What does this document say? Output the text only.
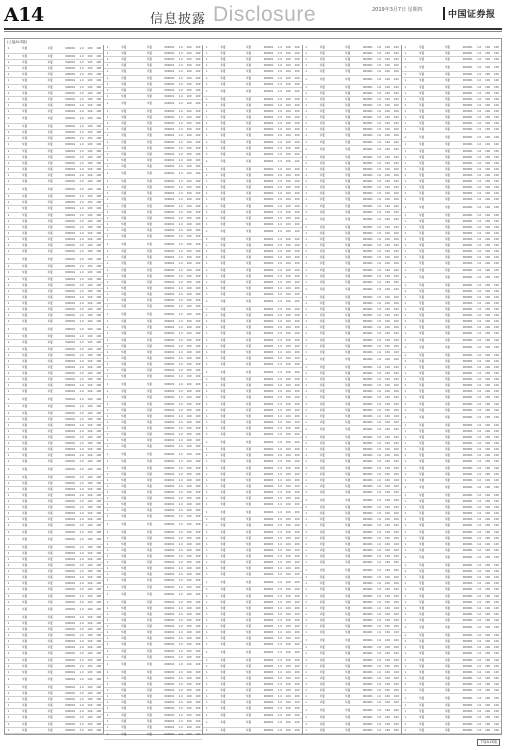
A14	信息披露 Disclosure	2019年3月7日 星期四	中国证券报
(上接A13版)
1	华夏	华夏	000001	1.0	100	100
1	华夏	华夏	000001	1.0	100	100
1	华夏	华夏	000001	1.0	100	100
1	华夏	华夏	000001	1.0	100	100
1	华夏	华夏	000001	1.0	100	100
1	华夏	华夏	000001	1.0	100	100
1	华夏	华夏	000001	1.0	100	100
1	华夏	华夏	000001	1.0	100	100
1	华夏	华夏	000001	1.0	100	100
1	华夏	华夏	000001	1.0	100	100
1	华夏	华夏	000001	1.0	100	100
1	华夏	华夏	000001	1.0	100	100
1	华夏	华夏	000001	1.0	100	100
1	华夏	华夏	000001	1.0	100	100
1	华夏	华夏	000001	1.0	100	100
1	华夏	华夏	000001	1.0	100	100
1	华夏	华夏	000001	1.0	100	100
1	华夏	华夏	000001	1.0	100	100
1	华夏	华夏	000001	1.0	100	100
1	华夏	华夏	000001	1.0	100	100
1	华夏	华夏	000001	1.0	100	100
1	华夏	华夏	000001	1.0	100	100
1	华夏	华夏	000001	1.0	100	100
1	华夏	华夏	000001	1.0	100	100
1	华夏	华夏	000001	1.0	100	100
1	华夏	华夏	000001	1.0	100	100
1	华夏	华夏	000001	1.0	100	100
1	华夏	华夏	000001	1.0	100	100
1	华夏	华夏	000001	1.0	100	100
1	华夏	华夏	000001	1.0	100	100
1	华夏	华夏	000001	1.0	100	100
1	华夏	华夏	000001	1.0	100	100
1	华夏	华夏	000001	1.0	100	100
1	华夏	华夏	000001	1.0	100	100
1	华夏	华夏	000001	1.0	100	100
1	华夏	华夏	000001	1.0	100	100
1	华夏	华夏	000001	1.0	100	100
1	华夏	华夏	000001	1.0	100	100
1	华夏	华夏	000001	1.0	100	100
1	华夏	华夏	000001	1.0	100	100
1	华夏	华夏	000001	1.0	100	100
1	华夏	华夏	000001	1.0	100	100
1	华夏	华夏	000001	1.0	100	100
1	华夏	华夏	000001	1.0	100	100
1	华夏	华夏	000001	1.0	100	100
1	华夏	华夏	000001	1.0	100	100
1	华夏	华夏	000001	1.0	100	100
1	华夏	华夏	000001	1.0	100	100
1	华夏	华夏	000001	1.0	100	100
1	华夏	华夏	000001	1.0	100	100
1	华夏	华夏	000001	1.0	100	100
1	华夏	华夏	000001	1.0	100	100
1	华夏	华夏	000001	1.0	100	100
1	华夏	华夏	000001	1.0	100	100
1	华夏	华夏	000001	1.0	100	100
1	华夏	华夏	000001	1.0	100	100
1	华夏	华夏	000001	1.0	100	100
1	华夏	华夏	000001	1.0	100	100
1	华夏	华夏	000001	1.0	100	100
1	华夏	华夏	000001	1.0	100	100
1	华夏	华夏	000001	1.0	100	100
1	华夏	华夏	000001	1.0	100	100
1	华夏	华夏	000001	1.0	100	100
1	华夏	华夏	000001	1.0	100	100
1	华夏	华夏	000001	1.0	100	100
1	华夏	华夏	000001	1.0	100	100
1	华夏	华夏	000001	1.0	100	100
1	华夏	华夏	000001	1.0	100	100
1	华夏	华夏	000001	1.0	100	100
1	华夏	华夏	000001	1.0	100	100
1	华夏	华夏	000001	1.0	100	100
1	华夏	华夏	000001	1.0	100	100
1	华夏	华夏	000001	1.0	100	100
1	华夏	华夏	000001	1.0	100	100
1	华夏	华夏	000001	1.0	100	100
1	华夏	华夏	000001	1.0	100	100
1	华夏	华夏	000001	1.0	100	100
1	华夏	华夏	000001	1.0	100	100
1	华夏	华夏	000001	1.0	100	100
1	华夏	华夏	000001	1.0	100	100
1	华夏	华夏	000001	1.0	100	100
1	华夏	华夏	000001	1.0	100	100
1	华夏	华夏	000001	1.0	100	100
1	华夏	华夏	000001	1.0	100	100
1	华夏	华夏	000001	1.0	100	100
1	华夏	华夏	000001	1.0	100	100
1	华夏	华夏	000001	1.0	100	100
1	华夏	华夏	000001	1.0	100	100
1	华夏	华夏	000001	1.0	100	100
1	华夏	华夏	000001	1.0	100	100
1	华夏	华夏	000001	1.0	100	100
1	华夏	华夏	000001	1.0	100	100
1	华夏	华夏	000001	1.0	100	100
1	华夏	华夏	000001	1.0	100	100
1	华夏	华夏	000001	1.0	100	100
1	华夏	华夏	000001	1.0	100	100
1	华夏	华夏	000001	1.0	100	100
1	华夏	华夏	000001	1.0	100	100
1	华夏	华夏	000001	1.0	100	100
1	华夏	华夏	000001	1.0	100	100
1	华夏	华夏	000001	1.0	100	100
1	华夏	华夏	000001	1.0	100	100
1	华夏	华夏	000001	1.0	100	100
1	华夏	华夏	000001	1.0	100	100
1	华夏	华夏	000001	1.0	100	100
1	华夏	华夏	000001	1.0	100	100
1	华夏	华夏	000001	1.0	100	100
1	华夏	华夏	000001	1.0	100	100
1	华夏	华夏	000001	1.0	100	100
1	华夏	华夏	000001	1.0	100	100
1	华夏	华夏	000001	1.0	100	100
1	华夏	华夏	000001	1.0	100	100
1	华夏	华夏	000001	1.0	100	100
1	华夏	华夏	000001	1.0	100	100
1	华夏	华夏	000001	1.0	100	100
1	华夏	华夏	000001	1.0	100	100
1	华夏	华夏	000001	1.0	100	100
1	华夏	华夏	000001	1.0	100	100
1	华夏	华夏	000001	1.0	100	100
1	华夏	华夏	000001	1.0	100	100
1	华夏	华夏	000001	1.0	100	100
1	华夏	华夏	000001	1.0	100	100
1	华夏	华夏	000001	1.0	100	100
1	华夏	华夏	000001	1.0	100	100
1	华夏	华夏	000001	1.0	100	100
1	华夏	华夏	000001	1.0	100	100
1	华夏	华夏	000001	1.0	100	100
1	华夏	华夏	000001	1.0	100	100
1	华夏	华夏	000001	1.0	100	100
1	华夏	华夏	000001	1.0	100	100
1	华夏	华夏	000001	1.0	100	100
1	华夏	华夏	000001	1.0	100	100
1	华夏	华夏	000001	1.0	100	100
1	华夏	华夏	000001	1.0	100	100
1	华夏	华夏	000001	1.0	100	100
1	华夏	华夏	000001	1.0	100	100
1	华夏	华夏	000001	1.0	100	100
1	华夏	华夏	000001	1.0	100	100
1	华夏	华夏	000001	1.0	100	100
1	华夏	华夏	000001	1.0	100	100
1	华夏	华夏	000001	1.0	100	100
1	华夏	华夏	000001	1.0	100	100
1	华夏	华夏	000001	1.0	100	100
1	华夏	华夏	000001	1.0	100	100
1	华夏	华夏	000001	1.0	100	100
1	华夏	华夏	000001	1.0	100	100
1	华夏	华夏	000001	1.0	100	100
1	华夏	华夏	000001	1.0	100	100
1	华夏	华夏	000001	1.0	100	100
1	华夏	华夏	000001	1.0	100	100
1	华夏	华夏	000001	1.0	100	100
1	华夏	华夏	000001	1.0	100	100
1	华夏	华夏	000001	1.0	100	100
1	华夏	华夏	000001	1.0	100	100
1	华夏	华夏	000001	1.0	100	100
1	华夏	华夏	000001	1.0	100	100
1	华夏	华夏	000001	1.0	100	100
1	华夏	华夏	000001	1.0	100	100
1	华夏	华夏	000001	1.0	100	100
1	华夏	华夏	000001	1.0	100	100
1	华夏	华夏	000001	1.0	100	100
1	华夏	华夏	000001	1.0	100	100
1	华夏	华夏	000001	1.0	100	100
1	华夏	华夏	000001	1.0	100	100
1	华夏	华夏	000001	1.0	100	100
1	华夏	华夏	000001	1.0	100	100
1	华夏	华夏	000001	1.0	100	100
1	华夏	华夏	000001	1.0	100	100
1	华夏	华夏	000001	1.0	100	100
1	华夏	华夏	000001	1.0	100	100
1	华夏	华夏	000001	1.0	100	100
1	华夏	华夏	000001	1.0	100	100
1	华夏	华夏	000001	1.0	100	100
1	华夏	华夏	000001	1.0	100	100
1	华夏	华夏	000001	1.0	100	100
1	华夏	华夏	000001	1.0	100	100
1	华夏	华夏	000001	1.0	100	100
1	华夏	华夏	000001	1.0	100	100
1	华夏	华夏	000001	1.0	100	100
1	华夏	华夏	000001	1.0	100	100
1	华夏	华夏	000001	1.0	100	100
1	华夏	华夏	000001	1.0	100	100
1	华夏	华夏	000001	1.0	100	100
1	华夏	华夏	000001	1.0	100	100
1	华夏	华夏	000001	1.0	100	100
1	华夏	华夏	000001	1.0	100	100
1	华夏	华夏	000001	1.0	100	100
1	华夏	华夏	000001	1.0	100	100
1	华夏	华夏	000001	1.0	100	100
1	华夏	华夏	000001	1.0	100	100
1	华夏	华夏	000001	1.0	100	100
1	华夏	华夏	000001	1.0	100	100
1	华夏	华夏	000001	1.0	100	100
1	华夏	华夏	000001	1.0	100	100
1	华夏	华夏	000001	1.0	100	100
1	华夏	华夏	000001	1.0	100	100
1	华夏	华夏	000001	1.0	100	100
1	华夏	华夏	000001	1.0	100	100
1	华夏	华夏	000001	1.0	100	100
1	华夏	华夏	000001	1.0	100	100
1	华夏	华夏	000001	1.0	100	100
1	华夏	华夏	000001	1.0	100	100
1	华夏	华夏	000001	1.0	100	100
1	华夏	华夏	000001	1.0	100	100
1	华夏	华夏	000001	1.0	100	100
1	华夏	华夏	000001	1.0	100	100
1	华夏	华夏	000001	1.0	100	100
1	华夏	华夏	000001	1.0	100	100
1	华夏	华夏	000001	1.0	100	100
1	华夏	华夏	000001	1.0	100	100
1	华夏	华夏	000001	1.0	100	100
1	华夏	华夏	000001	1.0	100	100
1	华夏	华夏	000001	1.0	100	100
1	华夏	华夏	000001	1.0	100	100
1	华夏	华夏	000001	1.0	100	100
1	华夏	华夏	000001	1.0	100	100
1	华夏	华夏	000001	1.0	100	100
1	华夏	华夏	000001	1.0	100	100
1	华夏	华夏	000001	1.0	100	100
1	华夏	华夏	000001	1.0	100	100
1	华夏	华夏	000001	1.0	100	100
1	华夏	华夏	000001	1.0	100	100
1	华夏	华夏	000001	1.0	100	100
1	华夏	华夏	000001	1.0	100	100
1	华夏	华夏	000001	1.0	100	100
1	华夏	华夏	000001	1.0	100	100
1	华夏	华夏	000001	1.0	100	100
1	华夏	华夏	000001	1.0	100	100
1	华夏	华夏	000001	1.0	100	100
1	华夏	华夏	000001	1.0	100	100
1	华夏	华夏	000001	1.0	100	100
1	华夏	华夏	000001	1.0	100	100
1	华夏	华夏	000001	1.0	100	100
1	华夏	华夏	000001	1.0	100	100
1	华夏	华夏	000001	1.0	100	100
1	华夏	华夏	000001	1.0	100	100
1	华夏	华夏	000001	1.0	100	100
1	华夏	华夏	000001	1.0	100	100
1	华夏	华夏	000001	1.0	100	100
1	华夏	华夏	000001	1.0	100	100
1	华夏	华夏	000001	1.0	100	100
1	华夏	华夏	000001	1.0	100	100
1	华夏	华夏	000001	1.0	100	100
1	华夏	华夏	000001	1.0	100	100
1	华夏	华夏	000001	1.0	100	100
1	华夏	华夏	000001	1.0	100	100
1	华夏	华夏	000001	1.0	100	100
1	华夏	华夏	000001	1.0	100	100
1	华夏	华夏	000001	1.0	100	100
1	华夏	华夏	000001	1.0	100	100
1	华夏	华夏	000001	1.0	100	100
1	华夏	华夏	000001	1.0	100	100
1	华夏	华夏	000001	1.0	100	100
1	华夏	华夏	000001	1.0	100	100
1	华夏	华夏	000001	1.0	100	100
1	华夏	华夏	000001	1.0	100	100
1	华夏	华夏	000001	1.0	100	100
1	华夏	华夏	000001	1.0	100	100
1	华夏	华夏	000001	1.0	100	100
1	华夏	华夏	000001	1.0	100	100
1	华夏	华夏	000001	1.0	100	100
1	华夏	华夏	000001	1.0	100	100
1	华夏	华夏	000001	1.0	100	100
1	华夏	华夏	000001	1.0	100	100
1	华夏	华夏	000001	1.0	100	100
1	华夏	华夏	000001	1.0	100	100
1	华夏	华夏	000001	1.0	100	100
1	华夏	华夏	000001	1.0	100	100
1	华夏	华夏	000001	1.0	100	100
1	华夏	华夏	000001	1.0	100	100
1	华夏	华夏	000001	1.0	100	100
1	华夏	华夏	000001	1.0	100	100
1	华夏	华夏	000001	1.0	100	100
1	华夏	华夏	000001	1.0	100	100
1	华夏	华夏	000001	1.0	100	100
1	华夏	华夏	000001	1.0	100	100
1	华夏	华夏	000001	1.0	100	100
1	华夏	华夏	000001	1.0	100	100
1	华夏	华夏	000001	1.0	100	100
1	华夏	华夏	000001	1.0	100	100
1	华夏	华夏	000001	1.0	100	100
1	华夏	华夏	000001	1.0	100	100
1	华夏	华夏	000001	1.0	100	100
1	华夏	华夏	000001	1.0	100	100
1	华夏	华夏	000001	1.0	100	100
1	华夏	华夏	000001	1.0	100	100
1	华夏	华夏	000001	1.0	100	100
1	华夏	华夏	000001	1.0	100	100
1	华夏	华夏	000001	1.0	100	100
1	华夏	华夏	000001	1.0	100	100
1	华夏	华夏	000001	1.0	100	100
1	华夏	华夏	000001	1.0	100	100
1	华夏	华夏	000001	1.0	100	100
1	华夏	华夏	000001	1.0	100	100
1	华夏	华夏	000001	1.0	100	100
1	华夏	华夏	000001	1.0	100	100
1	华夏	华夏	000001	1.0	100	100
1	华夏	华夏	000001	1.0	100	100
1	华夏	华夏	000001	1.0	100	100
1	华夏	华夏	000001	1.0	100	100
1	华夏	华夏	000001	1.0	100	100
1	华夏	华夏	000001	1.0	100	100
1	华夏	华夏	000001	1.0	100	100
1	华夏	华夏	000001	1.0	100	100
1	华夏	华夏	000001	1.0	100	100
1	华夏	华夏	000001	1.0	100	100
1	华夏	华夏	000001	1.0	100	100
1	华夏	华夏	000001	1.0	100	100
1	华夏	华夏	000001	1.0	100	100
1	华夏	华夏	000001	1.0	100	100
1	华夏	华夏	000001	1.0	100	100
1	华夏	华夏	000001	1.0	100	100
1	华夏	华夏	000001	1.0	100	100
1	华夏	华夏	000001	1.0	100	100
1	华夏	华夏	000001	1.0	100	100
1	华夏	华夏	000001	1.0	100	100
1	华夏	华夏	000001	1.0	100	100
1	华夏	华夏	000001	1.0	100	100
1	华夏	华夏	000001	1.0	100	100
1	华夏	华夏	000001	1.0	100	100
1	华夏	华夏	000001	1.0	100	100
1	华夏	华夏	000001	1.0	100	100
1	华夏	华夏	000001	1.0	100	100
1	华夏	华夏	000001	1.0	100	100
1	华夏	华夏	000001	1.0	100	100
1	华夏	华夏	000001	1.0	100	100
1	华夏	华夏	000001	1.0	100	100
1	华夏	华夏	000001	1.0	100	100
1	华夏	华夏	000001	1.0	100	100
1	华夏	华夏	000001	1.0	100	100
1	华夏	华夏	000001	1.0	100	100
1	华夏	华夏	000001	1.0	100	100
1	华夏	华夏	000001	1.0	100	100
1	华夏	华夏	000001	1.0	100	100
1	华夏	华夏	000001	1.0	100	100
1	华夏	华夏	000001	1.0	100	100
1	华夏	华夏	000001	1.0	100	100
1	华夏	华夏	000001	1.0	100	100
1	华夏	华夏	000001	1.0	100	100
1	华夏	华夏	000001	1.0	100	100
1	华夏	华夏	000001	1.0	100	100
1	华夏	华夏	000001	1.0	100	100
1	华夏	华夏	000001	1.0	100	100
1	华夏	华夏	000001	1.0	100	100
1	华夏	华夏	000001	1.0	100	100
1	华夏	华夏	000001	1.0	100	100
1	华夏	华夏	000001	1.0	100	100
1	华夏	华夏	000001	1.0	100	100
1	华夏	华夏	000001	1.0	100	100
1	华夏	华夏	000001	1.0	100	100
1	华夏	华夏	000001	1.0	100	100
1	华夏	华夏	000001	1.0	100	100
1	华夏	华夏	000001	1.0	100	100
1	华夏	华夏	000001	1.0	100	100
1	华夏	华夏	000001	1.0	100	100
1	华夏	华夏	000001	1.0	100	100
1	华夏	华夏	000001	1.0	100	100
1	华夏	华夏	000001	1.0	100	100
1	华夏	华夏	000001	1.0	100	100
1	华夏	华夏	000001	1.0	100	100
1	华夏	华夏	000001	1.0	100	100
1	华夏	华夏	000001	1.0	100	100
1	华夏	华夏	000001	1.0	100	100
1	华夏	华夏	000001	1.0	100	100
1	华夏	华夏	000001	1.0	100	100
1	华夏	华夏	000001	1.0	100	100
1	华夏	华夏	000001	1.0	100	100
1	华夏	华夏	000001	1.0	100	100
1	华夏	华夏	000001	1.0	100	100
1	华夏	华夏	000001	1.0	100	100
1	华夏	华夏	000001	1.0	100	100
1	华夏	华夏	000001	1.0	100	100
1	华夏	华夏	000001	1.0	100	100
1	华夏	华夏	000001	1.0	100	100
1	华夏	华夏	000001	1.0	100	100
1	华夏	华夏	000001	1.0	100	100
1	华夏	华夏	000001	1.0	100	100
1	华夏	华夏	000001	1.0	100	100
1	华夏	华夏	000001	1.0	100	100
1	华夏	华夏	000001	1.0	100	100
1	华夏	华夏	000001	1.0	100	100
1	华夏	华夏	000001	1.0	100	100
1	华夏	华夏	000001	1.0	100	100
1	华夏	华夏	000001	1.0	100	100
1	华夏	华夏	000001	1.0	100	100
1	华夏	华夏	000001	1.0	100	100
1	华夏	华夏	000001	1.0	100	100
1	华夏	华夏	000001	1.0	100	100
1	华夏	华夏	000001	1.0	100	100
1	华夏	华夏	000001	1.0	100	100
1	华夏	华夏	000001	1.0	100	100
1	华夏	华夏	000001	1.0	100	100
1	华夏	华夏	000001	1.0	100	100
1	华夏	华夏	000001	1.0	100	100
1	华夏	华夏	000001	1.0	100	100
1	华夏	华夏	000001	1.0	100	100
1	华夏	华夏	000001	1.0	100	100
1	华夏	华夏	000001	1.0	100	100
1	华夏	华夏	000001	1.0	100	100
1	华夏	华夏	000001	1.0	100	100
1	华夏	华夏	000001	1.0	100	100
1	华夏	华夏	000001	1.0	100	100
1	华夏	华夏	000001	1.0	100	100
1	华夏	华夏	000001	1.0	100	100
1	华夏	华夏	000001	1.0	100	100
1	华夏	华夏	000001	1.0	100	100
1	华夏	华夏	000001	1.0	100	100
1	华夏	华夏	000001	1.0	100	100
1	华夏	华夏	000001	1.0	100	100
1	华夏	华夏	000001	1.0	100	100
1	华夏	华夏	000001	1.0	100	100
1	华夏	华夏	000001	1.0	100	100
1	华夏	华夏	000001	1.0	100	100
1	华夏	华夏	000001	1.0	100	100
1	华夏	华夏	000001	1.0	100	100
1	华夏	华夏	000001	1.0	100	100
1	华夏	华夏	000001	1.0	100	100
1	华夏	华夏	000001	1.0	100	100
1	华夏	华夏	000001	1.0	100	100
1	华夏	华夏	000001	1.0	100	100
1	华夏	华夏	000001	1.0	100	100
1	华夏	华夏	000001	1.0	100	100
1	华夏	华夏	000001	1.0	100	100
1	华夏	华夏	000001	1.0	100	100
1	华夏	华夏	000001	1.0	100	100
1	华夏	华夏	000001	1.0	100	100
1	华夏	华夏	000001	1.0	100	100
1	华夏	华夏	000001	1.0	100	100
1	华夏	华夏	000001	1.0	100	100
1	华夏	华夏	000001	1.0	100	100
1	华夏	华夏	000001	1.0	100	100
1	华夏	华夏	000001	1.0	100	100
1	华夏	华夏	000001	1.0	100	100
1	华夏	华夏	000001	1.0	100	100
1	华夏	华夏	000001	1.0	100	100
1	华夏	华夏	000001	1.0	100	100
1	华夏	华夏	000001	1.0	100	100
1	华夏	华夏	000001	1.0	100	100
1	华夏	华夏	000001	1.0	100	100
1	华夏	华夏	000001	1.0	100	100
1	华夏	华夏	000001	1.0	100	100
1	华夏	华夏	000001	1.0	100	100
1	华夏	华夏	000001	1.0	100	100
1	华夏	华夏	000001	1.0	100	100
1	华夏	华夏	000001	1.0	100	100
1	华夏	华夏	000001	1.0	100	100
1	华夏	华夏	000001	1.0	100	100
1	华夏	华夏	000001	1.0	100	100
1	华夏	华夏	000001	1.0	100	100
1	华夏	华夏	000001	1.0	100	100
1	华夏	华夏	000001	1.0	100	100
1	华夏	华夏	000001	1.0	100	100
1	华夏	华夏	000001	1.0	100	100
1	华夏	华夏	000001	1.0	100	100
1	华夏	华夏	000001	1.0	100	100
1	华夏	华夏	000001	1.0	100	100
1	华夏	华夏	000001	1.0	100	100
1	华夏	华夏	000001	1.0	100	100
1	华夏	华夏	000001	1.0	100	100
1	华夏	华夏	000001	1.0	100	100
1	华夏	华夏	000001	1.0	100	100
1	华夏	华夏	000001	1.0	100	100
1	华夏	华夏	000001	1.0	100	100
1	华夏	华夏	000001	1.0	100	100
1	华夏	华夏	000001	1.0	100	100
1	华夏	华夏	000001	1.0	100	100
1	华夏	华夏	000001	1.0	100	100
1	华夏	华夏	000001	1.0	100	100
1	华夏	华夏	000001	1.0	100	100
1	华夏	华夏	000001	1.0	100	100
1	华夏	华夏	000001	1.0	100	100
1	华夏	华夏	000001	1.0	100	100
1	华夏	华夏	000001	1.0	100	100
1	华夏	华夏	000001	1.0	100	100
1	华夏	华夏	000001	1.0	100	100
1	华夏	华夏	000001	1.0	100	100
1	华夏	华夏	000001	1.0	100	100
1	华夏	华夏	000001	1.0	100	100
1	华夏	华夏	000001	1.0	100	100
1	华夏	华夏	000001	1.0	100	100
1	华夏	华夏	000001	1.0	100	100
1	华夏	华夏	000001	1.0	100	100
1	华夏	华夏	000001	1.0	100	100
1	华夏	华夏	000001	1.0	100	100
1	华夏	华夏	000001	1.0	100	100
1	华夏	华夏	000001	1.0	100	100
1	华夏	华夏	000001	1.0	100	100
1	华夏	华夏	000001	1.0	100	100
1	华夏	华夏	000001	1.0	100	100
1	华夏	华夏	000001	1.0	100	100
1	华夏	华夏	000001	1.0	100	100
1	华夏	华夏	000001	1.0	100	100
1	华夏	华夏	000001	1.0	100	100
1	华夏	华夏	000001	1.0	100	100
1	华夏	华夏	000001	1.0	100	100
1	华夏	华夏	000001	1.0	100	100
1	华夏	华夏	000001	1.0	100	100
1	华夏	华夏	000001	1.0	100	100
1	华夏	华夏	000001	1.0	100	100
1	华夏	华夏	000001	1.0	100	100
1	华夏	华夏	000001	1.0	100	100
1	华夏	华夏	000001	1.0	100	100
1	华夏	华夏	000001	1.0	100	100
1	华夏	华夏	000001	1.0	100	100
1	华夏	华夏	000001	1.0	100	100
1	华夏	华夏	000001	1.0	100	100
1	华夏	华夏	000001	1.0	100	100
1	华夏	华夏	000001	1.0	100	100
1	华夏	华夏	000001	1.0	100	100
1	华夏	华夏	000001	1.0	100	100
1	华夏	华夏	000001	1.0	100	100
1	华夏	华夏	000001	1.0	100	100
1	华夏	华夏	000001	1.0	100	100
1	华夏	华夏	000001	1.0	100	100
1	华夏	华夏	000001	1.0	100	100
1	华夏	华夏	000001	1.0	100	100
1	华夏	华夏	000001	1.0	100	100
1	华夏	华夏	000001	1.0	100	100
1	华夏	华夏	000001	1.0	100	100
1	华夏	华夏	000001	1.0	100	100
1	华夏	华夏	000001	1.0	100	100
1	华夏	华夏	000001	1.0	100	100
1	华夏	华夏	000001	1.0	100	100
1	华夏	华夏	000001	1.0	100	100
1	华夏	华夏	000001	1.0	100	100
1	华夏	华夏	000001	1.0	100	100
1	华夏	华夏	000001	1.0	100	100
1	华夏	华夏	000001	1.0	100	100
1	华夏	华夏	000001	1.0	100	100
1	华夏	华夏	000001	1.0	100	100
1	华夏	华夏	000001	1.0	100	100
1	华夏	华夏	000001	1.0	100	100
1	华夏	华夏	000001	1.0	100	100
1	华夏	华夏	000001	1.0	100	100
1	华夏	华夏	000001	1.0	100	100
1	华夏	华夏	000001	1.0	100	100
1	华夏	华夏	000001	1.0	100	100
1	华夏	华夏	000001	1.0	100	100
1	华夏	华夏	000001	1.0	100	100
1	华夏	华夏	000001	1.0	100	100
1	华夏	华夏	000001	1.0	100	100
下转A15版
